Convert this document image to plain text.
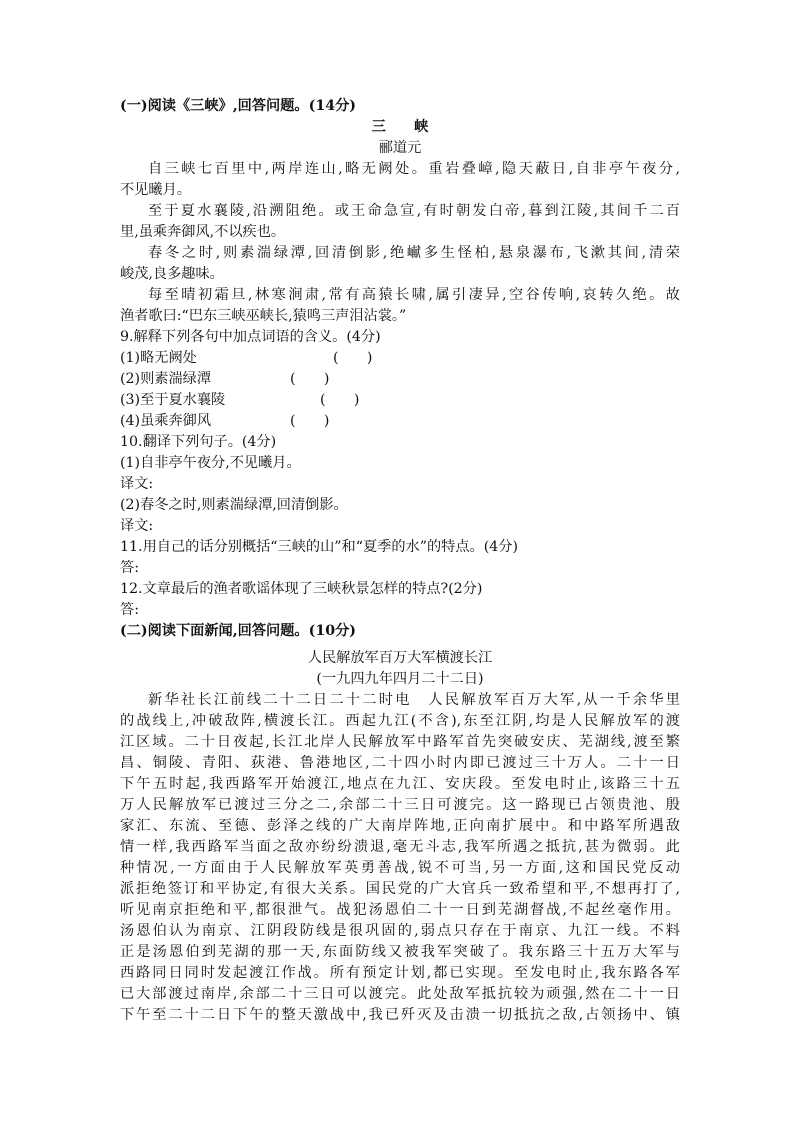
(一)阅读《三峡》,回答问题。(14分)
三　　峡
郦道元
自三峡七百里中,两岸连山,略无阙处。重岩叠嶂,隐天蔽日,自非亭午夜分,
不见曦月。
至于夏水襄陵,沿溯阻绝。或王命急宣,有时朝发白帝,暮到江陵,其间千二百
里,虽乘奔御风,不以疾也。
春冬之时,则素湍绿潭,回清倒影,绝𪩘多生怪柏,悬泉瀑布,飞漱其间,清荣
峻茂,良多趣味。
每至晴初霜旦,林寒涧肃,常有高猿长啸,属引凄异,空谷传响,哀转久绝。故
渔者歌曰:“巴东三峡巫峡长,猿鸣三声泪沾裳。”
9.解释下列各句中加点词语的含义。(4分)
(1)略无阙处	(　　)
(2)则素湍绿潭	(　　)
(3)至于夏水襄陵	(　　)
(4)虽乘奔御风	(　　)
10.翻译下列句子。(4分)
(1)自非亭午夜分,不见曦月。
译文:
(2)春冬之时,则素湍绿潭,回清倒影。
译文:
11.用自己的话分别概括“三峡的山”和“夏季的水”的特点。(4分)
答:
12.文章最后的渔者歌谣体现了三峡秋景怎样的特点?(2分)
答:
(二)阅读下面新闻,回答问题。(10分)
人民解放军百万大军横渡长江
(一九四九年四月二十二日)
新华社长江前线二十二日二十二时电　人民解放军百万大军,从一千余华里
的战线上,冲破敌阵,横渡长江。西起九江(不含),东至江阴,均是人民解放军的渡
江区域。二十日夜起,长江北岸人民解放军中路军首先突破安庆、芜湖线,渡至繁
昌、铜陵、青阳、荻港、鲁港地区,二十四小时内即已渡过三十万人。二十一日
下午五时起,我西路军开始渡江,地点在九江、安庆段。至发电时止,该路三十五
万人民解放军已渡过三分之二,余部二十三日可渡完。这一路现已占领贵池、殷
家汇、东流、至德、彭泽之线的广大南岸阵地,正向南扩展中。和中路军所遇敌
情一样,我西路军当面之敌亦纷纷溃退,毫无斗志,我军所遇之抵抗,甚为微弱。此
种情况,一方面由于人民解放军英勇善战,锐不可当,另一方面,这和国民党反动
派拒绝签订和平协定,有很大关系。国民党的广大官兵一致希望和平,不想再打了,
听见南京拒绝和平,都很泄气。战犯汤恩伯二十一日到芜湖督战,不起丝毫作用。
汤恩伯认为南京、江阴段防线是很巩固的,弱点只存在于南京、九江一线。不料
正是汤恩伯到芜湖的那一天,东面防线又被我军突破了。我东路三十五万大军与
西路同日同时发起渡江作战。所有预定计划,都已实现。至发电时止,我东路各军
已大部渡过南岸,余部二十三日可以渡完。此处敌军抵抗较为顽强,然在二十一日
下午至二十二日下午的整天激战中,我已歼灭及击溃一切抵抗之敌,占领扬中、镇
